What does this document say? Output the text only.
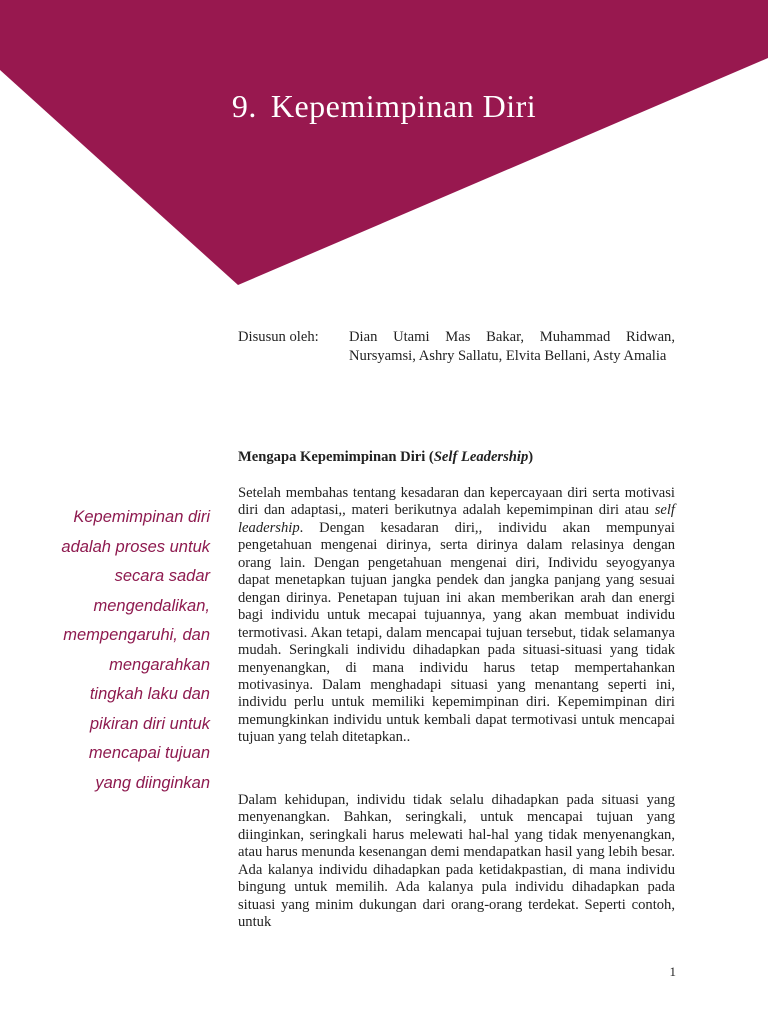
9. Kepemimpinan Diri
Disusun oleh: Dian Utami Mas Bakar, Muhammad Ridwan, Nursyamsi, Ashry Sallatu, Elvita Bellani, Asty Amalia
Mengapa Kepemimpinan Diri (Self Leadership)

Setelah membahas tentang kesadaran dan kepercayaan diri serta motivasi diri dan adaptasi,, materi berikutnya adalah kepemimpinan diri atau self leadership. Dengan kesadaran diri,, individu akan mempunyai pengetahuan mengenai dirinya, serta dirinya dalam relasinya dengan orang lain. Dengan pengetahuan mengenai diri, Individu seyogyanya dapat menetapkan tujuan jangka pendek dan jangka panjang yang sesuai dengan dirinya. Penetapan tujuan ini akan memberikan arah dan energi bagi individu untuk mecapai tujuannya, yang akan membuat individu termotivasi. Akan tetapi, dalam mencapai tujuan tersebut, tidak selamanya mudah. Seringkali individu dihadapkan pada situasi-situasi yang tidak menyenangkan, di mana individu harus tetap mempertahankan motivasinya. Dalam menghadapi situasi yang menantang seperti ini, individu perlu untuk memiliki kepemimpinan diri. Kepemimpinan diri memungkinkan individu untuk kembali dapat termotivasi untuk mencapai tujuan yang telah ditetapkan..

Dalam kehidupan, individu tidak selalu dihadapkan pada situasi yang menyenangkan. Bahkan, seringkali, untuk mencapai tujuan yang diinginkan, seringkali harus melewati hal-hal yang tidak menyenangkan, atau harus menunda kesenangan demi mendapatkan hasil yang lebih besar. Ada kalanya individu dihadapkan pada ketidakpastian, di mana individu bingung untuk memilih. Ada kalanya pula individu dihadapkan pada situasi yang minim dukungan dari orang-orang terdekat. Seperti contoh, untuk

Kepemimpinan diri adalah proses untuk secara sadar mengendalikan, mempengaruhi, dan mengarahkan tingkah laku dan pikiran diri untuk mencapai tujuan yang diinginkan
1
